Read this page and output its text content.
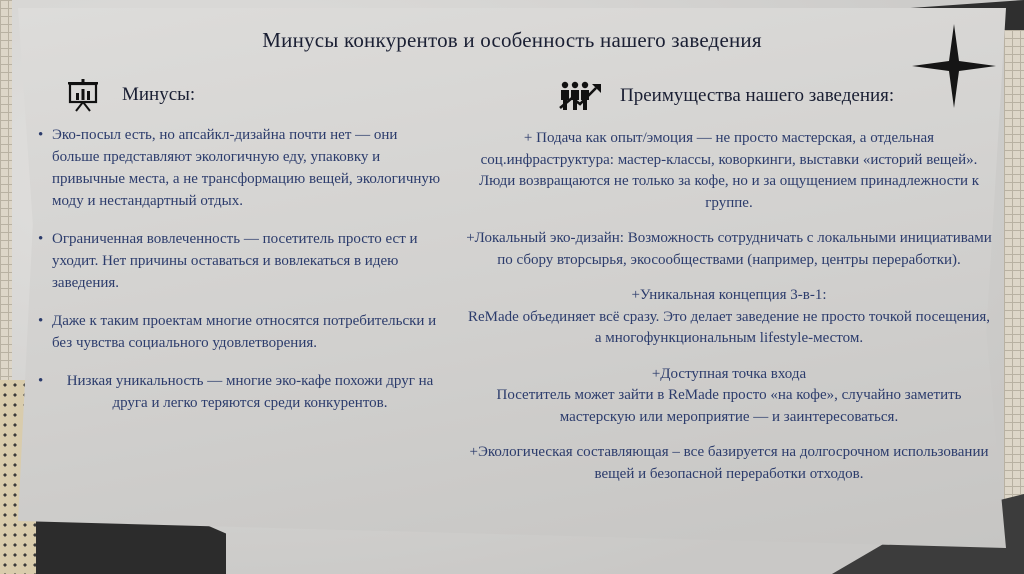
Минусы конкурентов и особенность нашего заведения
Минусы:	Преимущества нашего заведения:
• Эко-посыл есть, но апсайкл-дизайна почти нет — они больше представляют экологичную еду, упаковку и привычные места, а не трансформацию вещей, экологичную моду и нестандартный отдых.
• Ограниченная вовлеченность — посетитель просто ест и уходит. Нет причины оставаться и вовлекаться в идею заведения.
• Даже к таким проектам многие относятся потребительски и без чувства социального удовлетворения.
• Низкая уникальность — многие эко-кафе похожи друг на друга и легко теряются среди конкурентов.
+ Подача как опыт/эмоция — не просто мастерская, а отдельная соц.инфраструктура: мастер-классы, коворкинги, выставки «историй вещей». Люди возвращаются не только за кофе, но и за ощущением принадлежности к группе.
+Локальный эко-дизайн: Возможность сотрудничать с локальными инициативами по сбору вторсырья, экосообществами (например, центры переработки).
+Уникальная концепция 3-в-1:
ReMade объединяет всё сразу. Это делает заведение не просто точкой посещения, а многофункциональным lifestyle-местом.
+Доступная точка входа
Посетитель может зайти в ReMade просто «на кофе», случайно заметить мастерскую или мероприятие — и заинтересоваться.
+Экологическая составляющая – все базируется на долгосрочном использовании вещей и безопасной переработки отходов.
